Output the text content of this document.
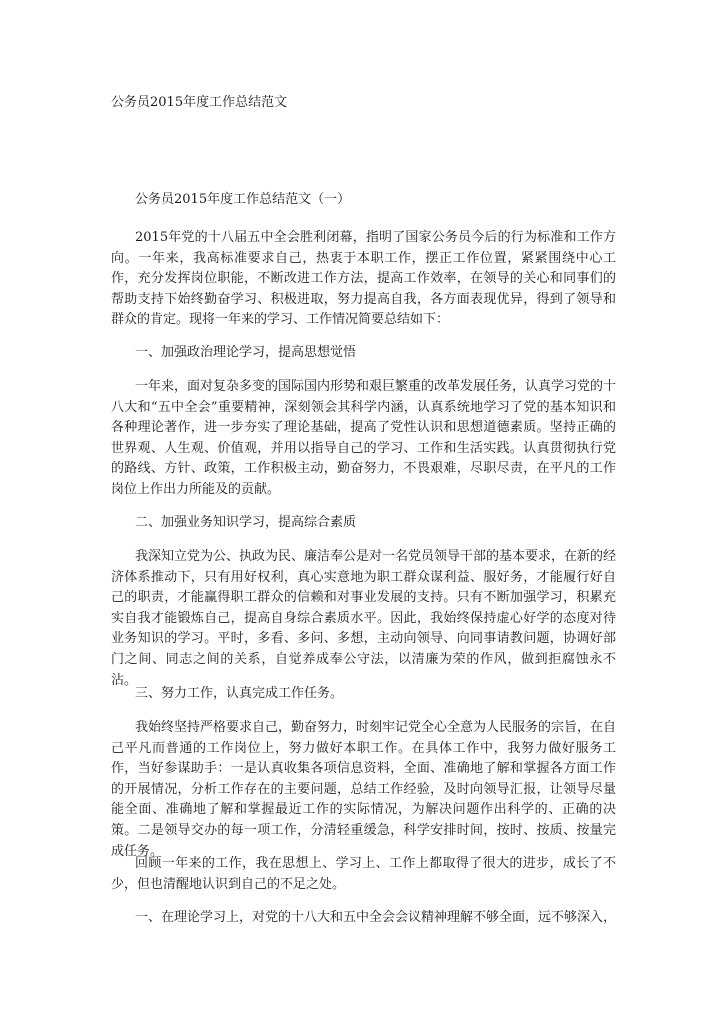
公务员2015年度工作总结范文
公务员2015年度工作总结范文（一）

2015年党的十八届五中全会胜利闭幕，指明了国家公务员今后的行为标准和工作方向。一年来，我高标准要求自己，热衷于本职工作，摆正工作位置，紧紧围绕中心工作，充分发挥岗位职能，不断改进工作方法，提高工作效率，在领导的关心和同事们的帮助支持下始终勤奋学习、积极进取，努力提高自我，各方面表现优异，得到了领导和群众的肯定。现将一年来的学习、工作情况简要总结如下：

一、加强政治理论学习，提高思想觉悟

一年来，面对复杂多变的国际国内形势和艰巨繁重的改革发展任务，认真学习党的十八大和“五中全会”重要精神，深刻领会其科学内涵，认真系统地学习了党的基本知识和各种理论著作，进一步夯实了理论基础，提高了党性认识和思想道德素质。坚持正确的世界观、人生观、价值观，并用以指导自己的学习、工作和生活实践。认真贯彻执行党的路线、方针、政策，工作积极主动，勤奋努力，不畏艰难，尽职尽责，在平凡的工作岗位上作出力所能及的贡献。

二、加强业务知识学习，提高综合素质

我深知立党为公、执政为民、廉洁奉公是对一名党员领导干部的基本要求，在新的经济体系推动下，只有用好权利，真心实意地为职工群众谋利益、服好务，才能履行好自己的职责，才能赢得职工群众的信赖和对事业发展的支持。只有不断加强学习，积累充实自我才能锻炼自己，提高自身综合素质水平。因此，我始终保持虚心好学的态度对待业务知识的学习。平时，多看、多问、多想，主动向领导、向同事请教问题，协调好部门之间、同志之间的关系，自觉养成奉公守法，以清廉为荣的作风，做到拒腐蚀永不沾。

三、努力工作，认真完成工作任务。

我始终坚持严格要求自己，勤奋努力，时刻牢记党全心全意为人民服务的宗旨，在自己平凡而普通的工作岗位上，努力做好本职工作。在具体工作中，我努力做好服务工作，当好参谋助手：一是认真收集各项信息资料，全面、准确地了解和掌握各方面工作的开展情况，分析工作存在的主要问题，总结工作经验，及时向领导汇报，让领导尽量能全面、准确地了解和掌握最近工作的实际情况，为解决问题作出科学的、正确的决策。二是领导交办的每一项工作，分清轻重缓急，科学安排时间，按时、按质、按量完成任务。

回顾一年来的工作，我在思想上、学习上、工作上都取得了很大的进步，成长了不少，但也清醒地认识到自己的不足之处。

一、在理论学习上，对党的十八大和五中全会会议精神理解不够全面，远不够深入，
